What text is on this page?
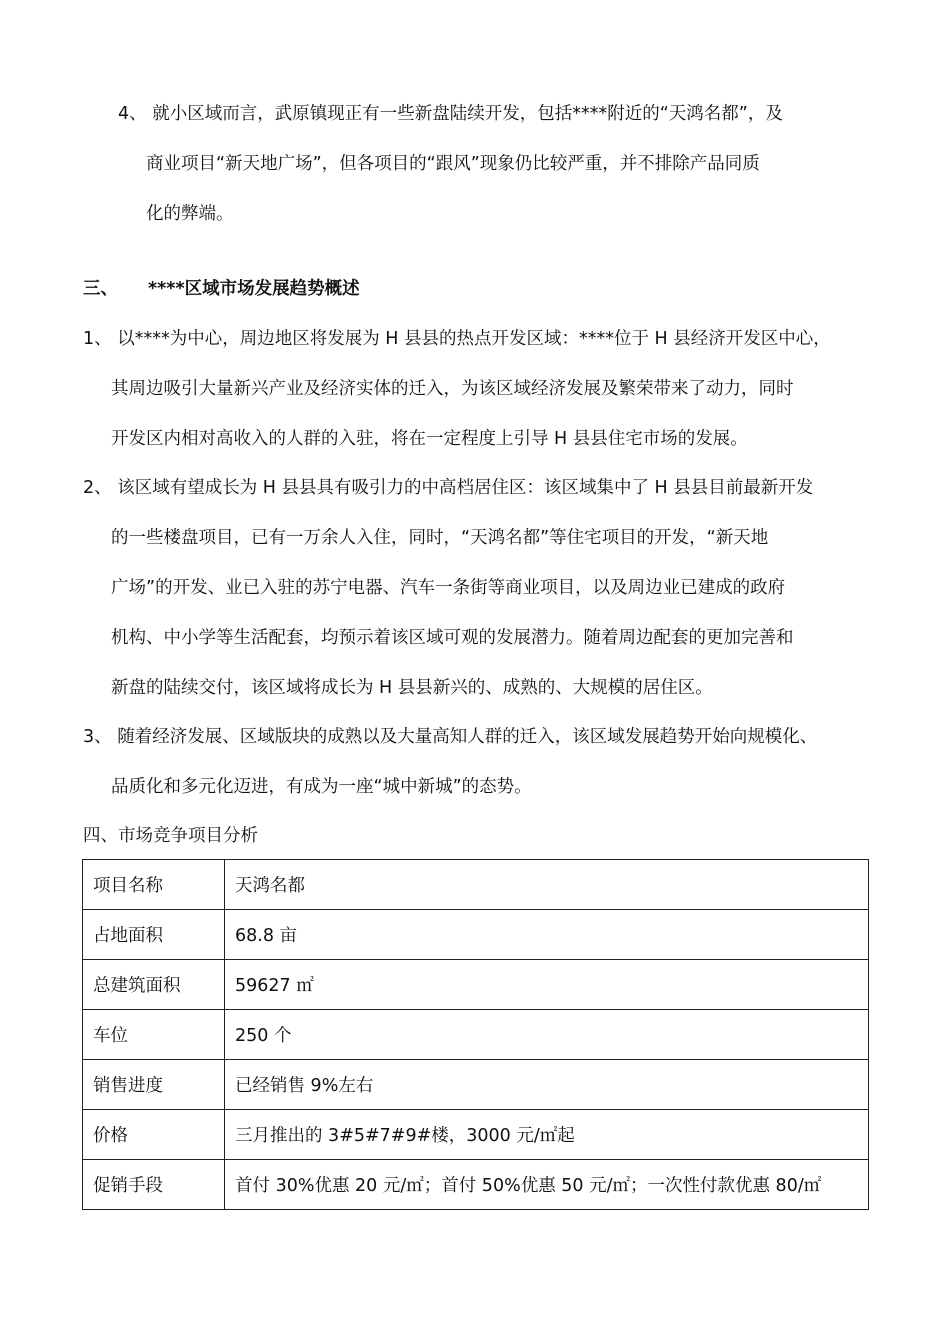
4、 就小区域而言，武原镇现正有一些新盘陆续开发，包括****附近的“天鸿名都”，及
商业项目“新天地广场”，但各项目的“跟风”现象仍比较严重，并不排除产品同质
化的弊端。
三、 ****区域市场发展趋势概述
1、 以****为中心，周边地区将发展为 H 县县的热点开发区域：****位于 H 县经济开发区中心，
其周边吸引大量新兴产业及经济实体的迁入，为该区域经济发展及繁荣带来了动力，同时
开发区内相对高收入的人群的入驻，将在一定程度上引导 H 县县住宅市场的发展。
2、 该区域有望成长为 H 县县具有吸引力的中高档居住区：该区域集中了 H 县县目前最新开发
的一些楼盘项目，已有一万余人入住，同时，“天鸿名都”等住宅项目的开发，“新天地
广场”的开发、业已入驻的苏宁电器、汽车一条街等商业项目，以及周边业已建成的政府
机构、中小学等生活配套，均预示着该区域可观的发展潜力。随着周边配套的更加完善和
新盘的陆续交付，该区域将成长为 H 县县新兴的、成熟的、大规模的居住区。
3、 随着经济发展、区域版块的成熟以及大量高知人群的迁入，该区域发展趋势开始向规模化、
品质化和多元化迈进，有成为一座“城中新城”的态势。
四、市场竞争项目分析
项目名称	天鸿名都
占地面积	68.8 亩
总建筑面积	59627 ㎡
车位	250 个
销售进度	已经销售 9%左右
价格	三月推出的 3#5#7#9#楼，3000 元/㎡起
促销手段	首付 30%优惠 20 元/㎡；首付 50%优惠 50 元/㎡；一次性付款优惠 80/㎡
